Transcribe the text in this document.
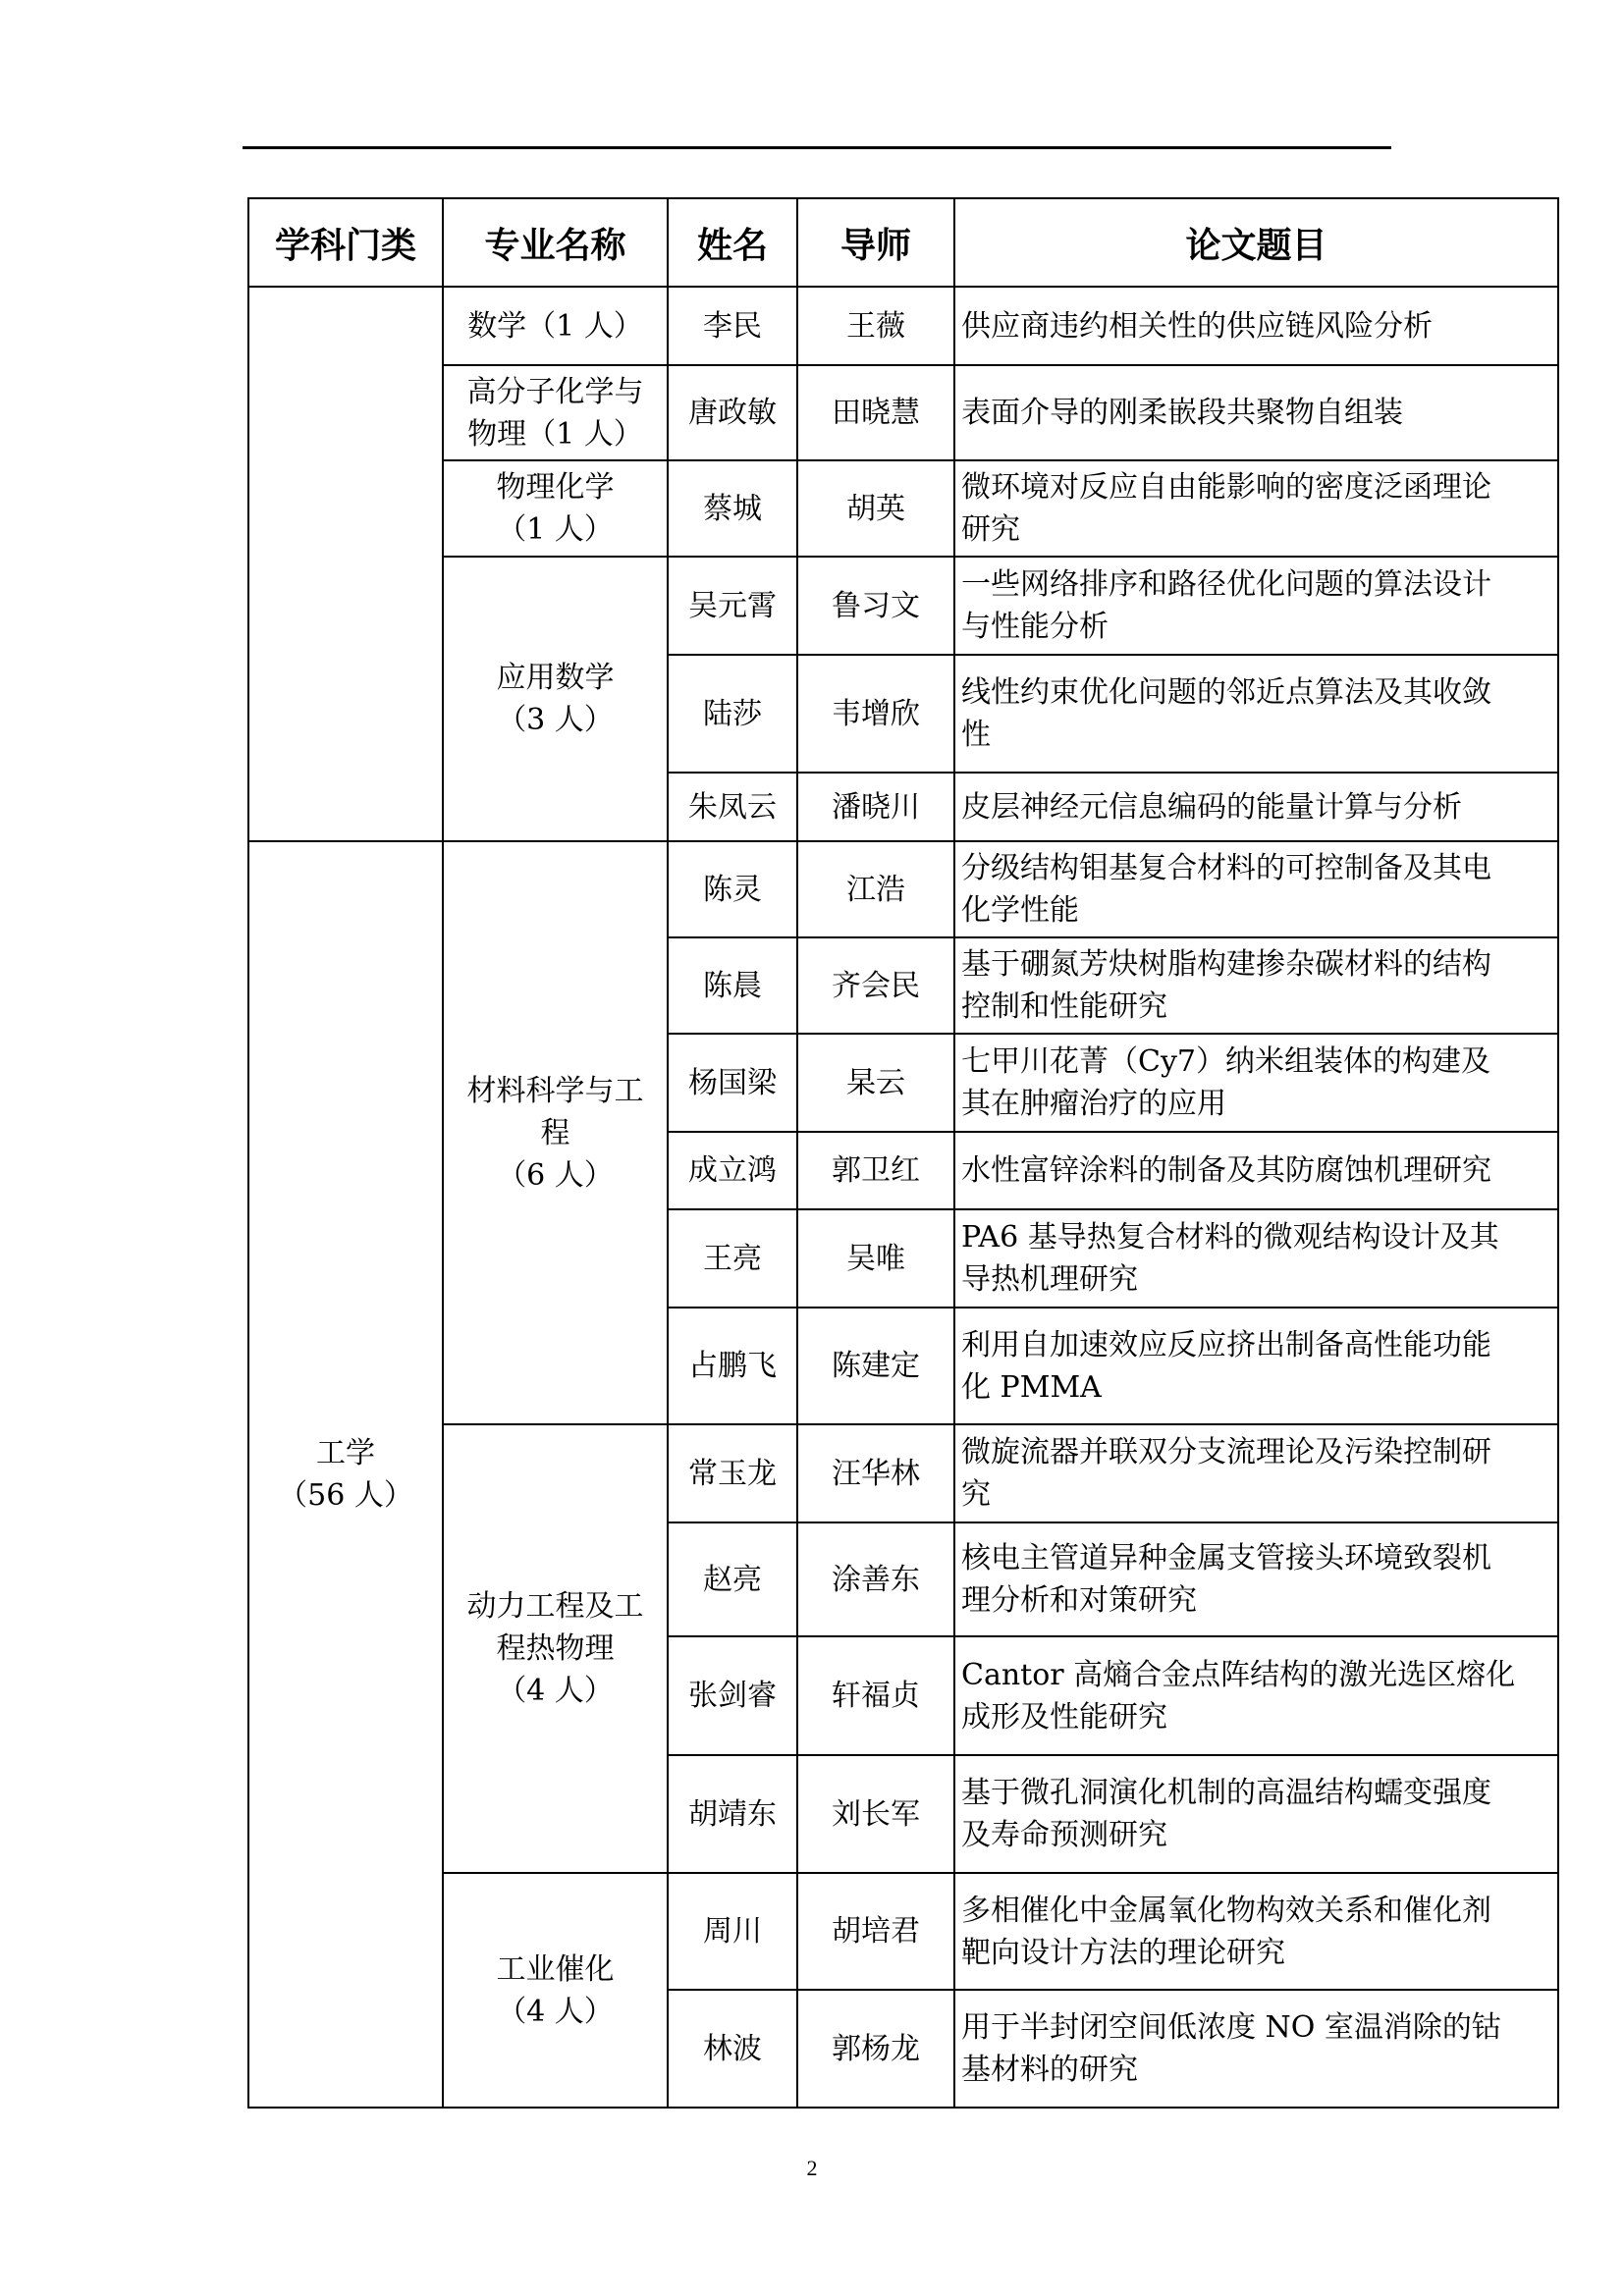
学科门类	专业名称	姓名	导师	论文题目

	数学（1 人）	李民	王薇	供应商违约相关性的供应链风险分析

	高分子化学与
物理（1 人）	唐政敏	田晓慧	表面介导的刚柔嵌段共聚物自组装

	物理化学
（1 人）	蔡城	胡英	微环境对反应自由能影响的密度泛函理论
研究

	应用数学
（3 人）	吴元霄	鲁习文	一些网络排序和路径优化问题的算法设计
与性能分析

		陆莎	韦增欣	线性约束优化问题的邻近点算法及其收敛
性

		朱凤云	潘晓川	皮层神经元信息编码的能量计算与分析

工学
（56 人）	材料科学与工
程
（6 人）	陈灵	江浩	分级结构钼基复合材料的可控制备及其电
化学性能

		陈晨	齐会民	基于硼氮芳炔树脂构建掺杂碳材料的结构
控制和性能研究

		杨国梁	杲云	七甲川花菁（Cy7）纳米组装体的构建及
其在肿瘤治疗的应用

		成立鸿	郭卫红	水性富锌涂料的制备及其防腐蚀机理研究

		王亮	吴唯	PA6 基导热复合材料的微观结构设计及其
导热机理研究

		占鹏飞	陈建定	利用自加速效应反应挤出制备高性能功能
化 PMMA

	动力工程及工
程热物理
（4 人）	常玉龙	汪华林	微旋流器并联双分支流理论及污染控制研
究

		赵亮	涂善东	核电主管道异种金属支管接头环境致裂机
理分析和对策研究

		张剑睿	轩福贞	Cantor 高熵合金点阵结构的激光选区熔化
成形及性能研究

		胡靖东	刘长军	基于微孔洞演化机制的高温结构蠕变强度
及寿命预测研究

	工业催化
（4 人）	周川	胡培君	多相催化中金属氧化物构效关系和催化剂
靶向设计方法的理论研究

		林波	郭杨龙	用于半封闭空间低浓度 NO 室温消除的钴
基材料的研究
2
